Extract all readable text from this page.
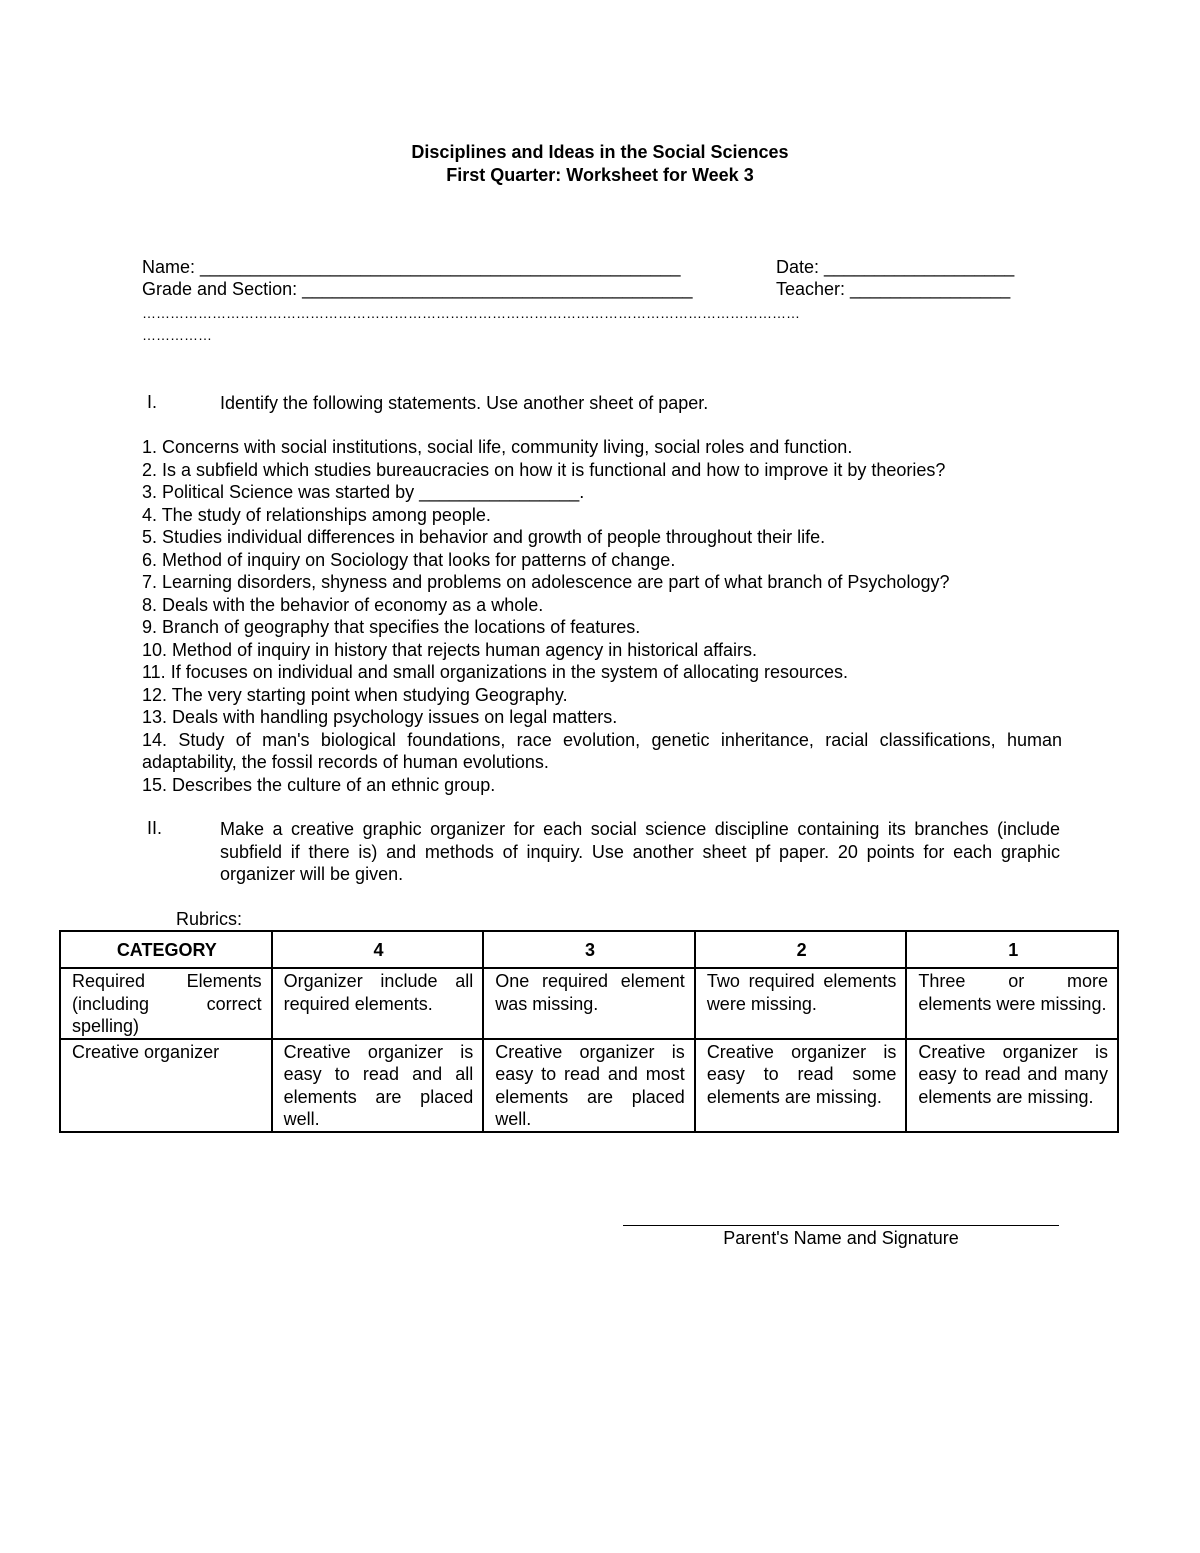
Disciplines and Ideas in the Social Sciences
First Quarter: Worksheet for Week 3
Name: ________________________________________________	Date: ___________________
Grade and Section: _______________________________________	Teacher: ________________
……………………………………………………………………………………………………………………………
……………
I.	Identify the following statements. Use another sheet of paper.
1. Concerns with social institutions, social life, community living, social roles and function.
2. Is a subfield which studies bureaucracies on how it is functional and how to improve it by theories?
3. Political Science was started by ________________.
4. The study of relationships among people.
5. Studies individual differences in behavior and growth of people throughout their life.
6. Method of inquiry on Sociology that looks for patterns of change.
7. Learning disorders, shyness and problems on adolescence are part of what branch of Psychology?
8. Deals with the behavior of economy as a whole.
9. Branch of geography that specifies the locations of features.
10. Method of inquiry in history that rejects human agency in historical affairs.
11. If focuses on individual and small organizations in the system of allocating resources.
12. The very starting point when studying Geography.
13. Deals with handling psychology issues on legal matters.
14. Study of man's biological foundations, race evolution, genetic inheritance, racial classifications, human adaptability, the fossil records of human evolutions.
15. Describes the culture of an ethnic group.
II.	Make a creative graphic organizer for each social science discipline containing its branches (include subfield if there is) and methods of inquiry. Use another sheet pf paper. 20 points for each graphic organizer will be given.
Rubrics:
CATEGORY	4	3	2	1
Required Elements (including correct spelling)	Organizer include all required elements.	One required element was missing.	Two required elements were missing.	Three or more elements were missing.
Creative organizer	Creative organizer is easy to read and all elements are placed well.	Creative organizer is easy to read and most elements are placed well.	Creative organizer is easy to read some elements are missing.	Creative organizer is easy to read and many elements are missing.
Parent's Name and Signature
